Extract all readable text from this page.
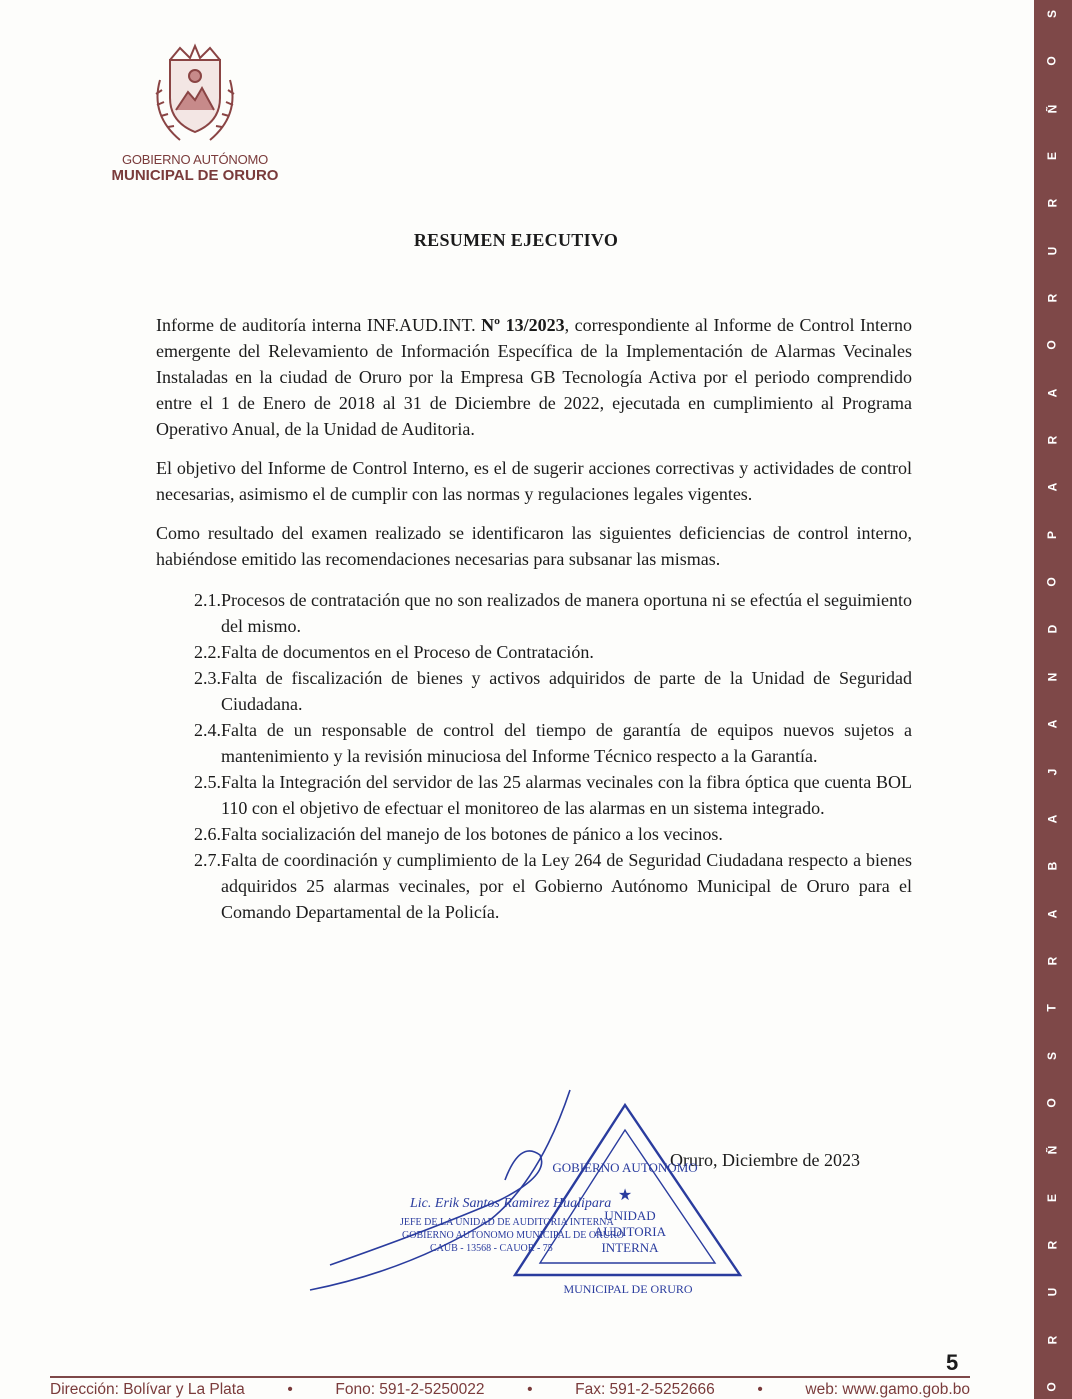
S
O
Ñ
E
R
U
R
O
A
R
A
P
O
D
N
A
J
A
B
A
R
T
S
O
Ñ
E
R
U
R
O
GOBIERNO AUTÓNOMO
MUNICIPAL DE ORURO
RESUMEN EJECUTIVO

Informe de auditoría interna INF.AUD.INT. Nº 13/2023, correspondiente al Informe de Control Interno emergente del Relevamiento de Información Específica de la Implementación de Alarmas Vecinales Instaladas en la ciudad de Oruro por la Empresa GB Tecnología Activa por el periodo comprendido entre el 1 de Enero de 2018 al 31 de Diciembre de 2022, ejecutada en cumplimiento al Programa Operativo Anual, de la Unidad de Auditoria.

El objetivo del Informe de Control Interno, es el de sugerir acciones correctivas y actividades de control necesarias, asimismo el de cumplir con las normas y regulaciones legales vigentes.

Como resultado del examen realizado se identificaron las siguientes deficiencias de control interno, habiéndose emitido las recomendaciones necesarias para subsanar las mismas.

2.1. Procesos de contratación que no son realizados de manera oportuna ni se efectúa el seguimiento del mismo.
2.2. Falta de documentos en el Proceso de Contratación.
2.3. Falta de fiscalización de bienes y activos adquiridos de parte de la Unidad de Seguridad Ciudadana.
2.4. Falta de un responsable de control del tiempo de garantía de equipos nuevos sujetos a mantenimiento y la revisión minuciosa del Informe Técnico respecto a la Garantía.
2.5. Falta la Integración del servidor de las 25 alarmas vecinales con la fibra óptica que cuenta BOL 110 con el objetivo de efectuar el monitoreo de las alarmas en un sistema integrado.
2.6. Falta socialización del manejo de los botones de pánico a los vecinos.
2.7. Falta de coordinación y cumplimiento de la Ley 264 de Seguridad Ciudadana respecto a bienes adquiridos 25 alarmas vecinales, por el Gobierno Autónomo Municipal de Oruro para el Comando Departamental de la Policía.
Oruro, Diciembre de 2023
Lic. Erik Santos Ramirez Hualipara
JEFE DE LA UNIDAD DE AUDITORIA INTERNA
GOBIERNO AUTONOMO MUNICIPAL DE ORURO
CAUB - 13568 - CAUOR - 75
GOBIERNO AUTONOMO
UNIDAD
AUDITORIA
INTERNA
MUNICIPAL DE ORURO
★
5
Dirección: Bolívar y La Plata	•	Fono: 591-2-5250022	•	Fax: 591-2-5252666	•	web: www.gamo.gob.bo
